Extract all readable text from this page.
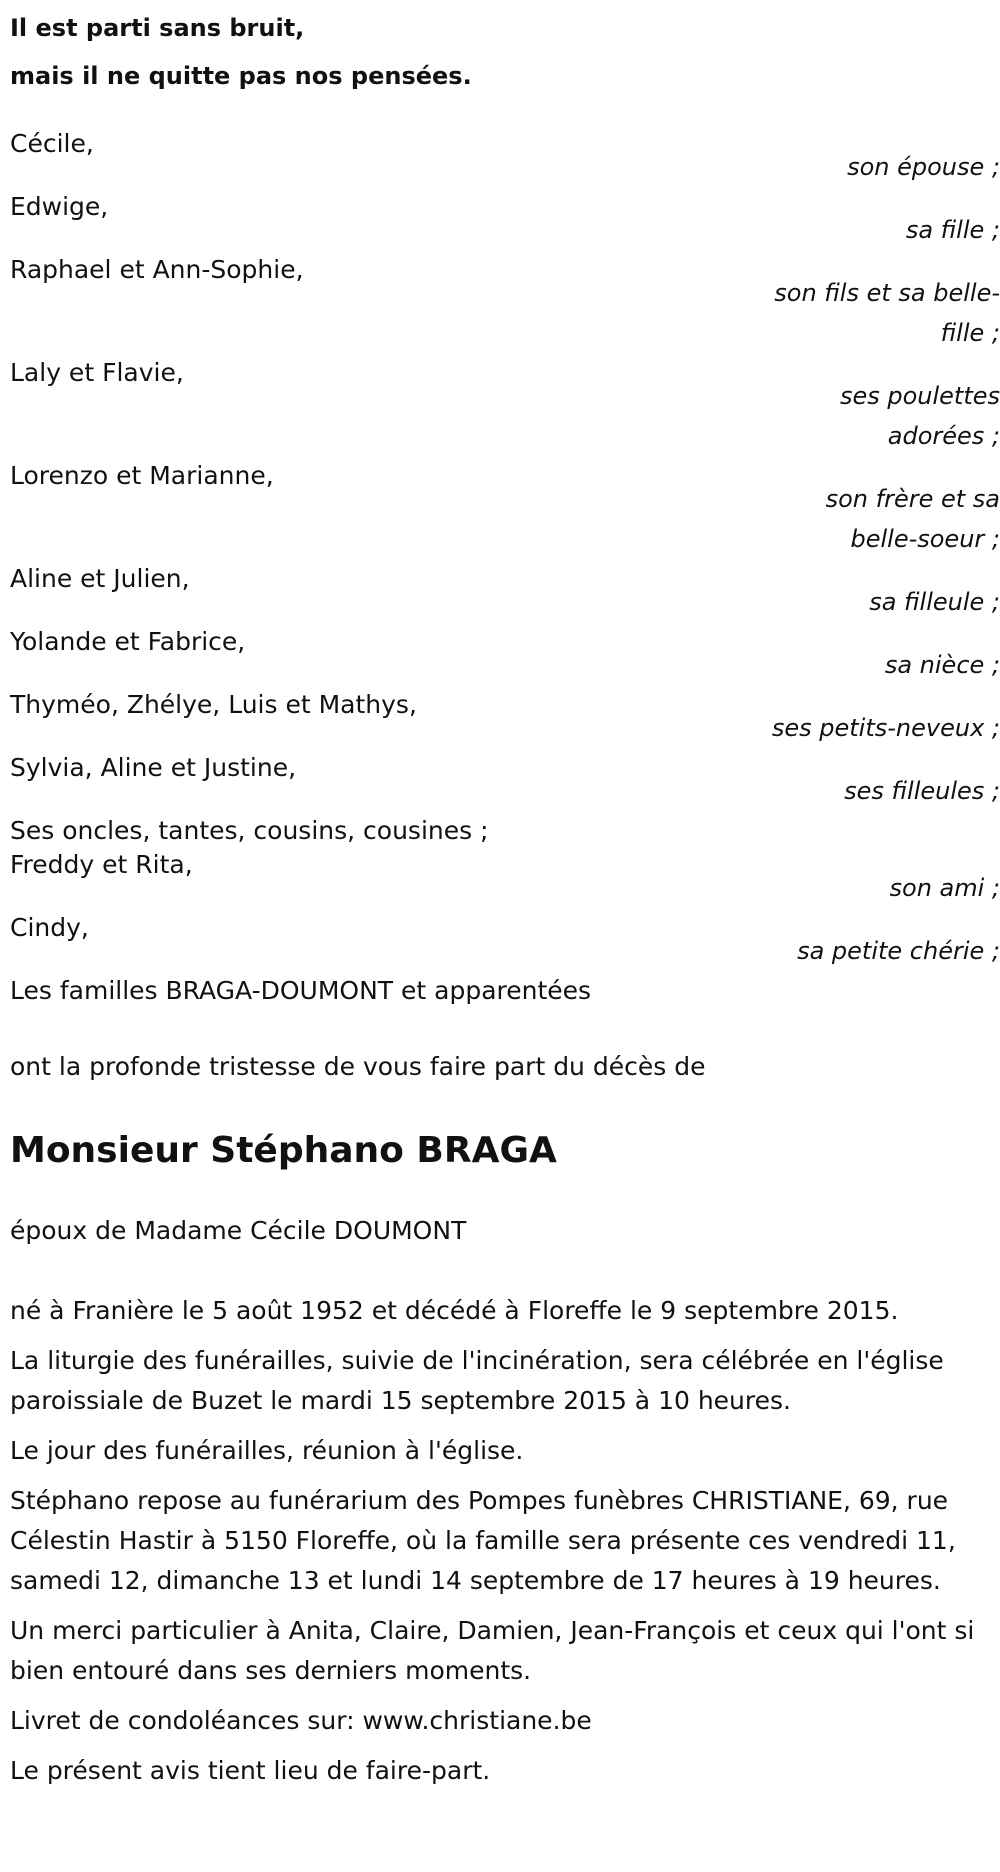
Il est parti sans bruit,
mais il ne quitte pas nos pensées.
Cécile,
son épouse ;
Edwige,
sa fille ;
Raphael et Ann-Sophie,
son fils et sa belle-fille ;
Laly et Flavie,
ses poulettes adorées ;
Lorenzo et Marianne,
son frère et sa belle-soeur ;
Aline et Julien,
sa filleule ;
Yolande et Fabrice,
sa nièce ;
Thyméo, Zhélye, Luis et Mathys,
ses petits-neveux ;
Sylvia, Aline et Justine,
ses filleules ;
Ses oncles, tantes, cousins, cousines ;
Freddy et Rita,
son ami ;
Cindy,
sa petite chérie ;
Les familles BRAGA-DOUMONT et apparentées
ont la profonde tristesse de vous faire part du décès de
Monsieur Stéphano BRAGA
époux de Madame Cécile DOUMONT

né à Franière le 5 août 1952 et décédé à Floreffe le 9 septembre 2015.

La liturgie des funérailles, suivie de l'incinération, sera célébrée en l'église paroissiale de Buzet le mardi 15 septembre 2015 à 10 heures.

Le jour des funérailles, réunion à l'église.

Stéphano repose au funérarium des Pompes funèbres CHRISTIANE, 69, rue Célestin Hastir à 5150 Floreffe, où la famille sera présente ces vendredi 11, samedi 12, dimanche 13 et lundi 14 septembre de 17 heures à 19 heures.

Un merci particulier à Anita, Claire, Damien, Jean-François et ceux qui l'ont si bien entouré dans ses derniers moments.

Livret de condoléances sur: www.christiane.be

Le présent avis tient lieu de faire-part.
